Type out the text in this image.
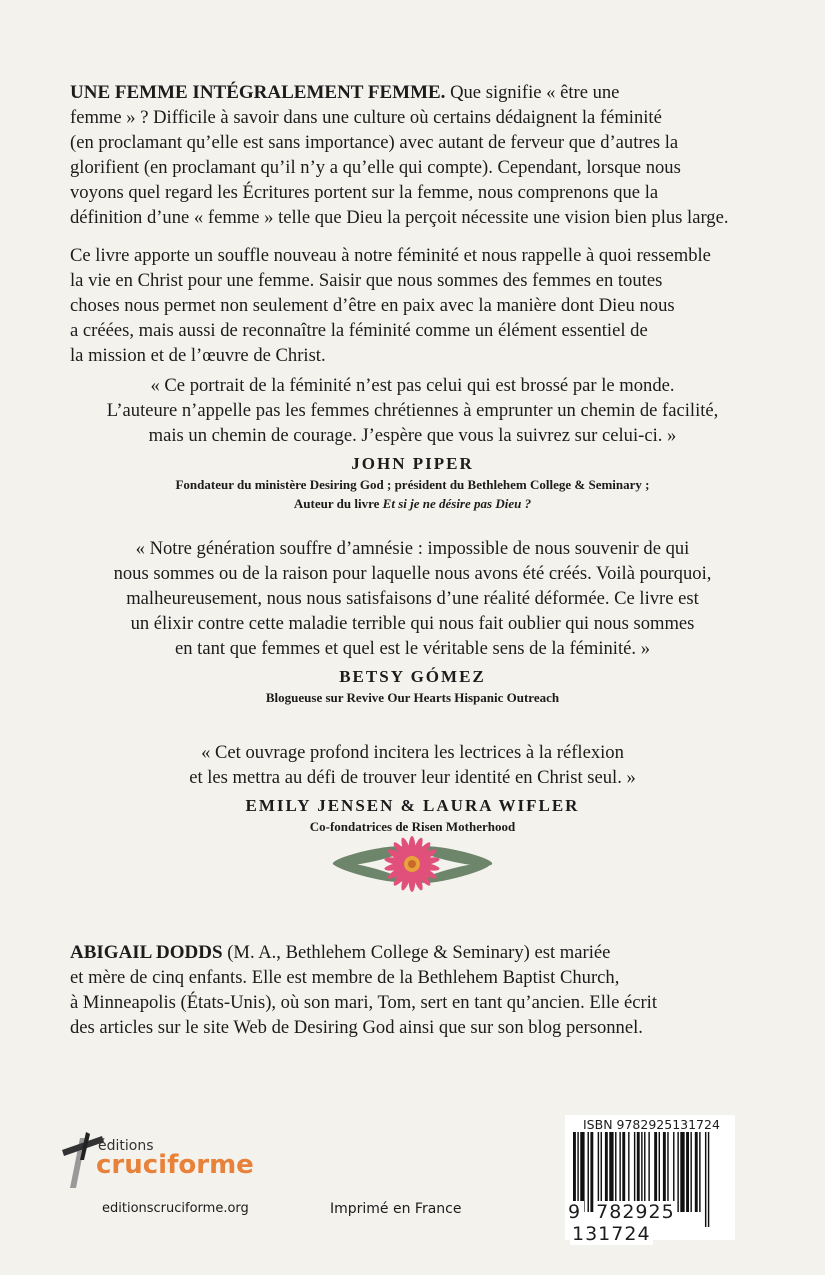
UNE FEMME INTÉGRALEMENT FEMME. Que signifie « être une
femme » ? Difficile à savoir dans une culture où certains dédaignent la féminité
(en proclamant qu’elle est sans importance) avec autant de ferveur que d’autres la
glorifient (en proclamant qu’il n’y a qu’elle qui compte). Cependant, lorsque nous
voyons quel regard les Écritures portent sur la femme, nous comprenons que la
définition d’une « femme » telle que Dieu la perçoit nécessite une vision bien plus large.
Ce livre apporte un souffle nouveau à notre féminité et nous rappelle à quoi ressemble
la vie en Christ pour une femme. Saisir que nous sommes des femmes en toutes
choses nous permet non seulement d’être en paix avec la manière dont Dieu nous
a créées, mais aussi de reconnaître la féminité comme un élément essentiel de
la mission et de l’œuvre de Christ.
« Ce portrait de la féminité n’est pas celui qui est brossé par le monde.
L’auteure n’appelle pas les femmes chrétiennes à emprunter un chemin de facilité,
mais un chemin de courage. J’espère que vous la suivrez sur celui-ci. »
JOHN PIPER
Fondateur du ministère Desiring God ; président du Bethlehem College & Seminary ;
Auteur du livre Et si je ne désire pas Dieu ?
« Notre génération souffre d’amnésie : impossible de nous souvenir de qui
nous sommes ou de la raison pour laquelle nous avons été créés. Voilà pourquoi,
malheureusement, nous nous satisfaisons d’une réalité déformée. Ce livre est
un élixir contre cette maladie terrible qui nous fait oublier qui nous sommes
en tant que femmes et quel est le véritable sens de la féminité. »
BETSY GÓMEZ
Blogueuse sur Revive Our Hearts Hispanic Outreach
« Cet ouvrage profond incitera les lectrices à la réflexion
et les mettra au défi de trouver leur identité en Christ seul. »
EMILY JENSEN & LAURA WIFLER
Co-fondatrices de Risen Motherhood
ABIGAIL DODDS (M. A., Bethlehem College & Seminary) est mariée
et mère de cinq enfants. Elle est membre de la Bethlehem Baptist Church,
à Minneapolis (États-Unis), où son mari, Tom, sert en tant qu’ancien. Elle écrit
des articles sur le site Web de Desiring God ainsi que sur son blog personnel.
éditions
cruciforme
editionscruciforme.org	Imprimé en France
ISBN 9782925131724
9 782925 131724
